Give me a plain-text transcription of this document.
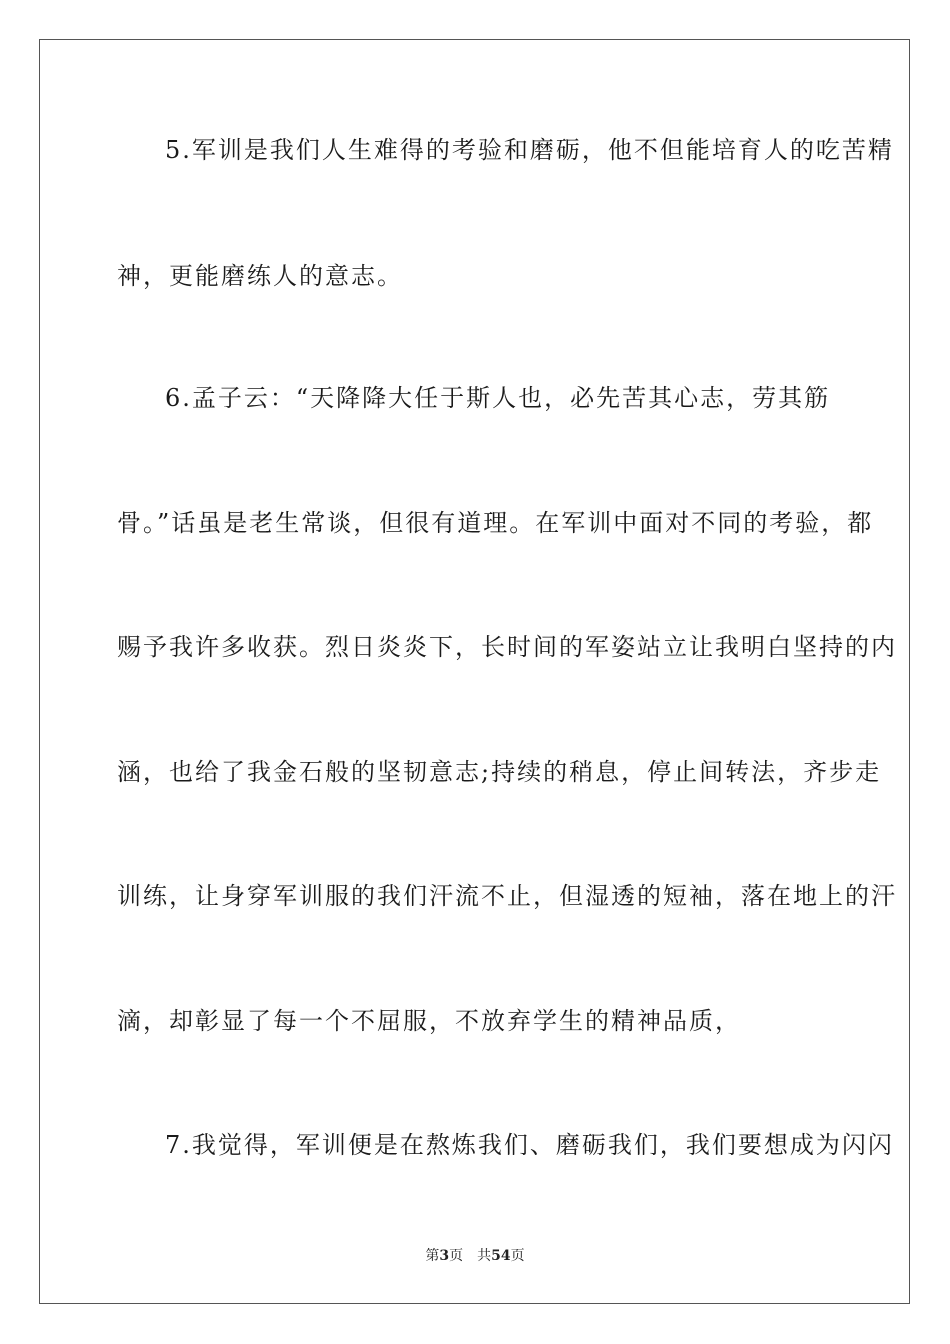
5.军训是我们人生难得的考验和磨砺，他不但能培育人的吃苦精
神，更能磨练人的意志。
6.孟子云：“天降降大任于斯人也，必先苦其心志，劳其筋
骨。”话虽是老生常谈，但很有道理。在军训中面对不同的考验，都
赐予我许多收获。烈日炎炎下，长时间的军姿站立让我明白坚持的内
涵，也给了我金石般的坚韧意志;持续的稍息，停止间转法，齐步走
训练，让身穿军训服的我们汗流不止，但湿透的短袖，落在地上的汗
滴，却彰显了每一个不屈服，不放弃学生的精神品质，
7.我觉得，军训便是在熬炼我们、磨砺我们，我们要想成为闪闪
第3页 共54页
